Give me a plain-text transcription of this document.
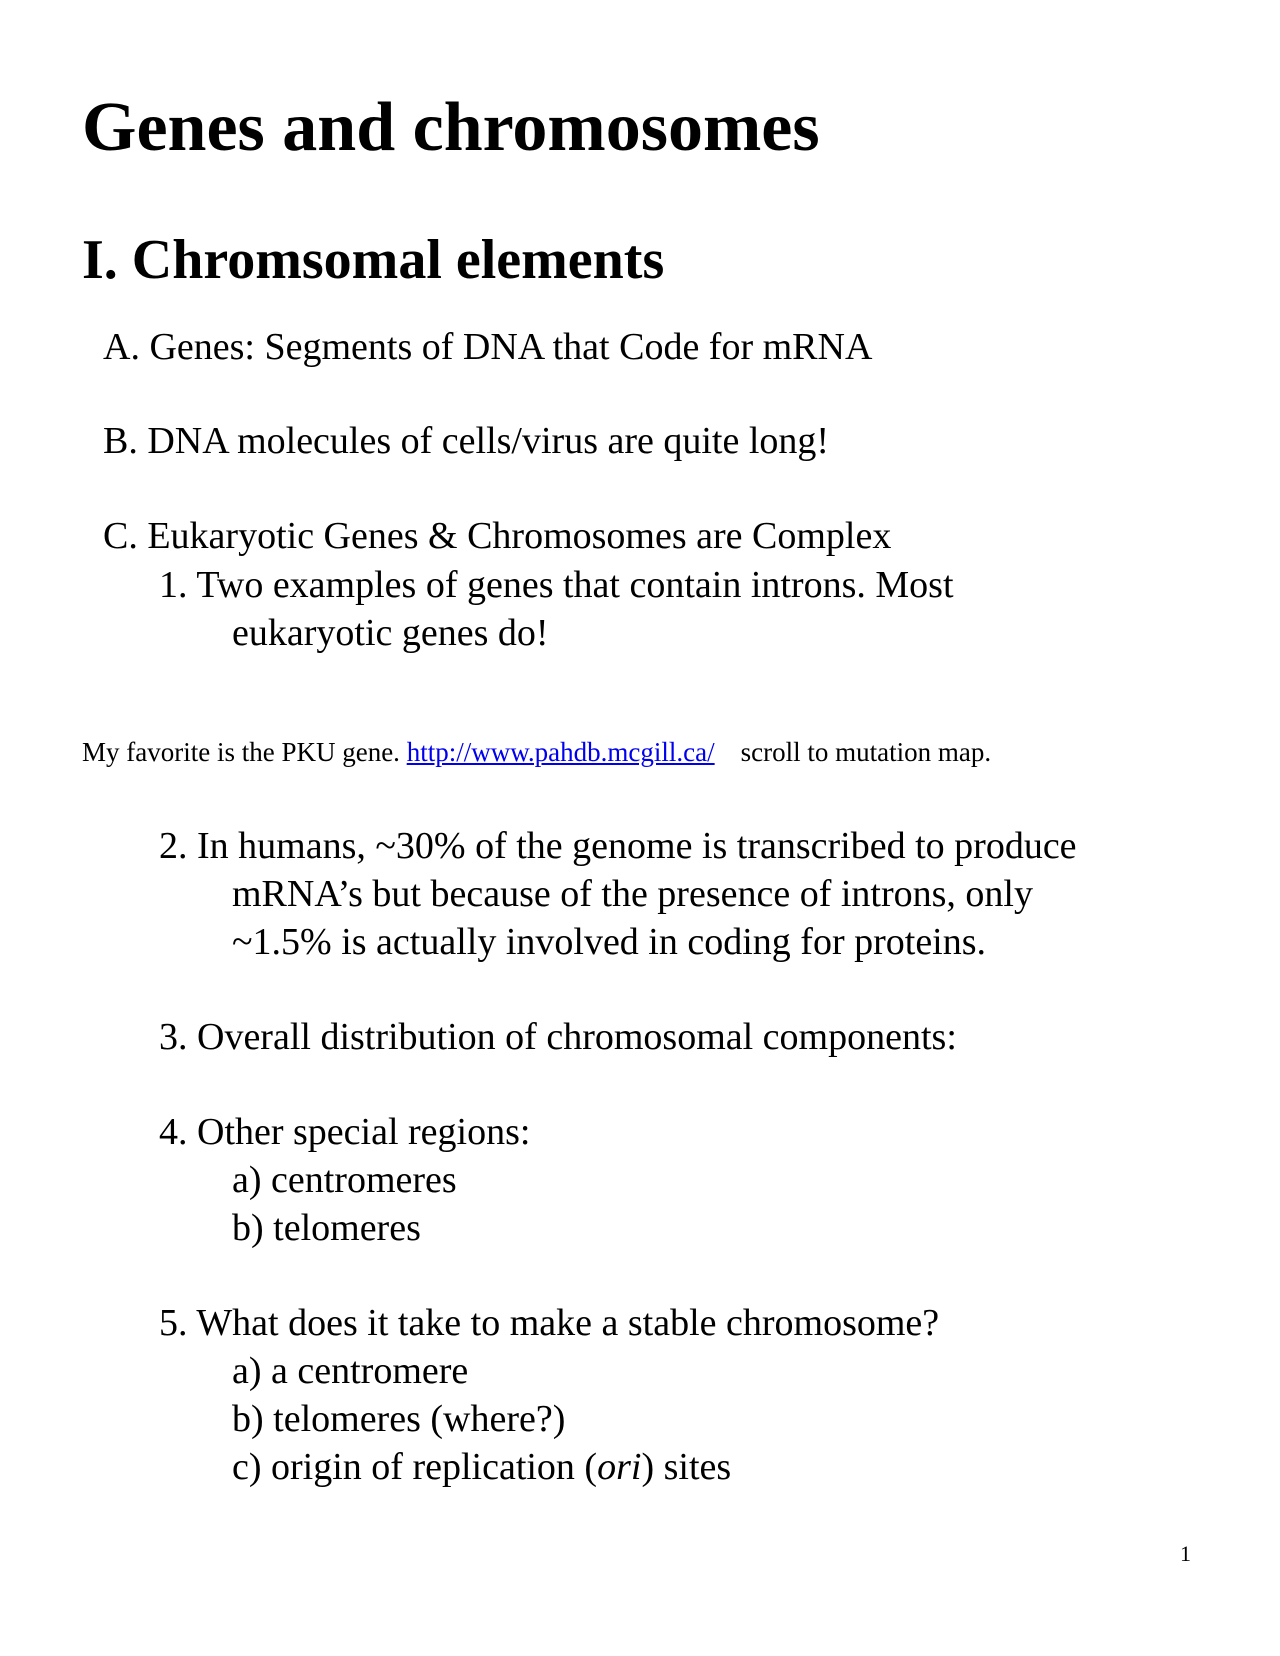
Genes and chromosomes
I. Chromsomal elements
A. Genes: Segments of DNA that Code for mRNA
B. DNA molecules of cells/virus are quite long!
C. Eukaryotic Genes & Chromosomes are Complex
1. Two examples of genes that contain introns. Most
eukaryotic genes do!
My favorite is the PKU gene. http://www.pahdb.mcgill.ca/ scroll to mutation map.
2. In humans, ~30% of the genome is transcribed to produce
mRNA’s but because of the presence of introns, only
~1.5% is actually involved in coding for proteins.
3. Overall distribution of chromosomal components:
4. Other special regions:
a) centromeres
b) telomeres
5. What does it take to make a stable chromosome?
a) a centromere
b) telomeres (where?)
c) origin of replication (ori) sites
1
